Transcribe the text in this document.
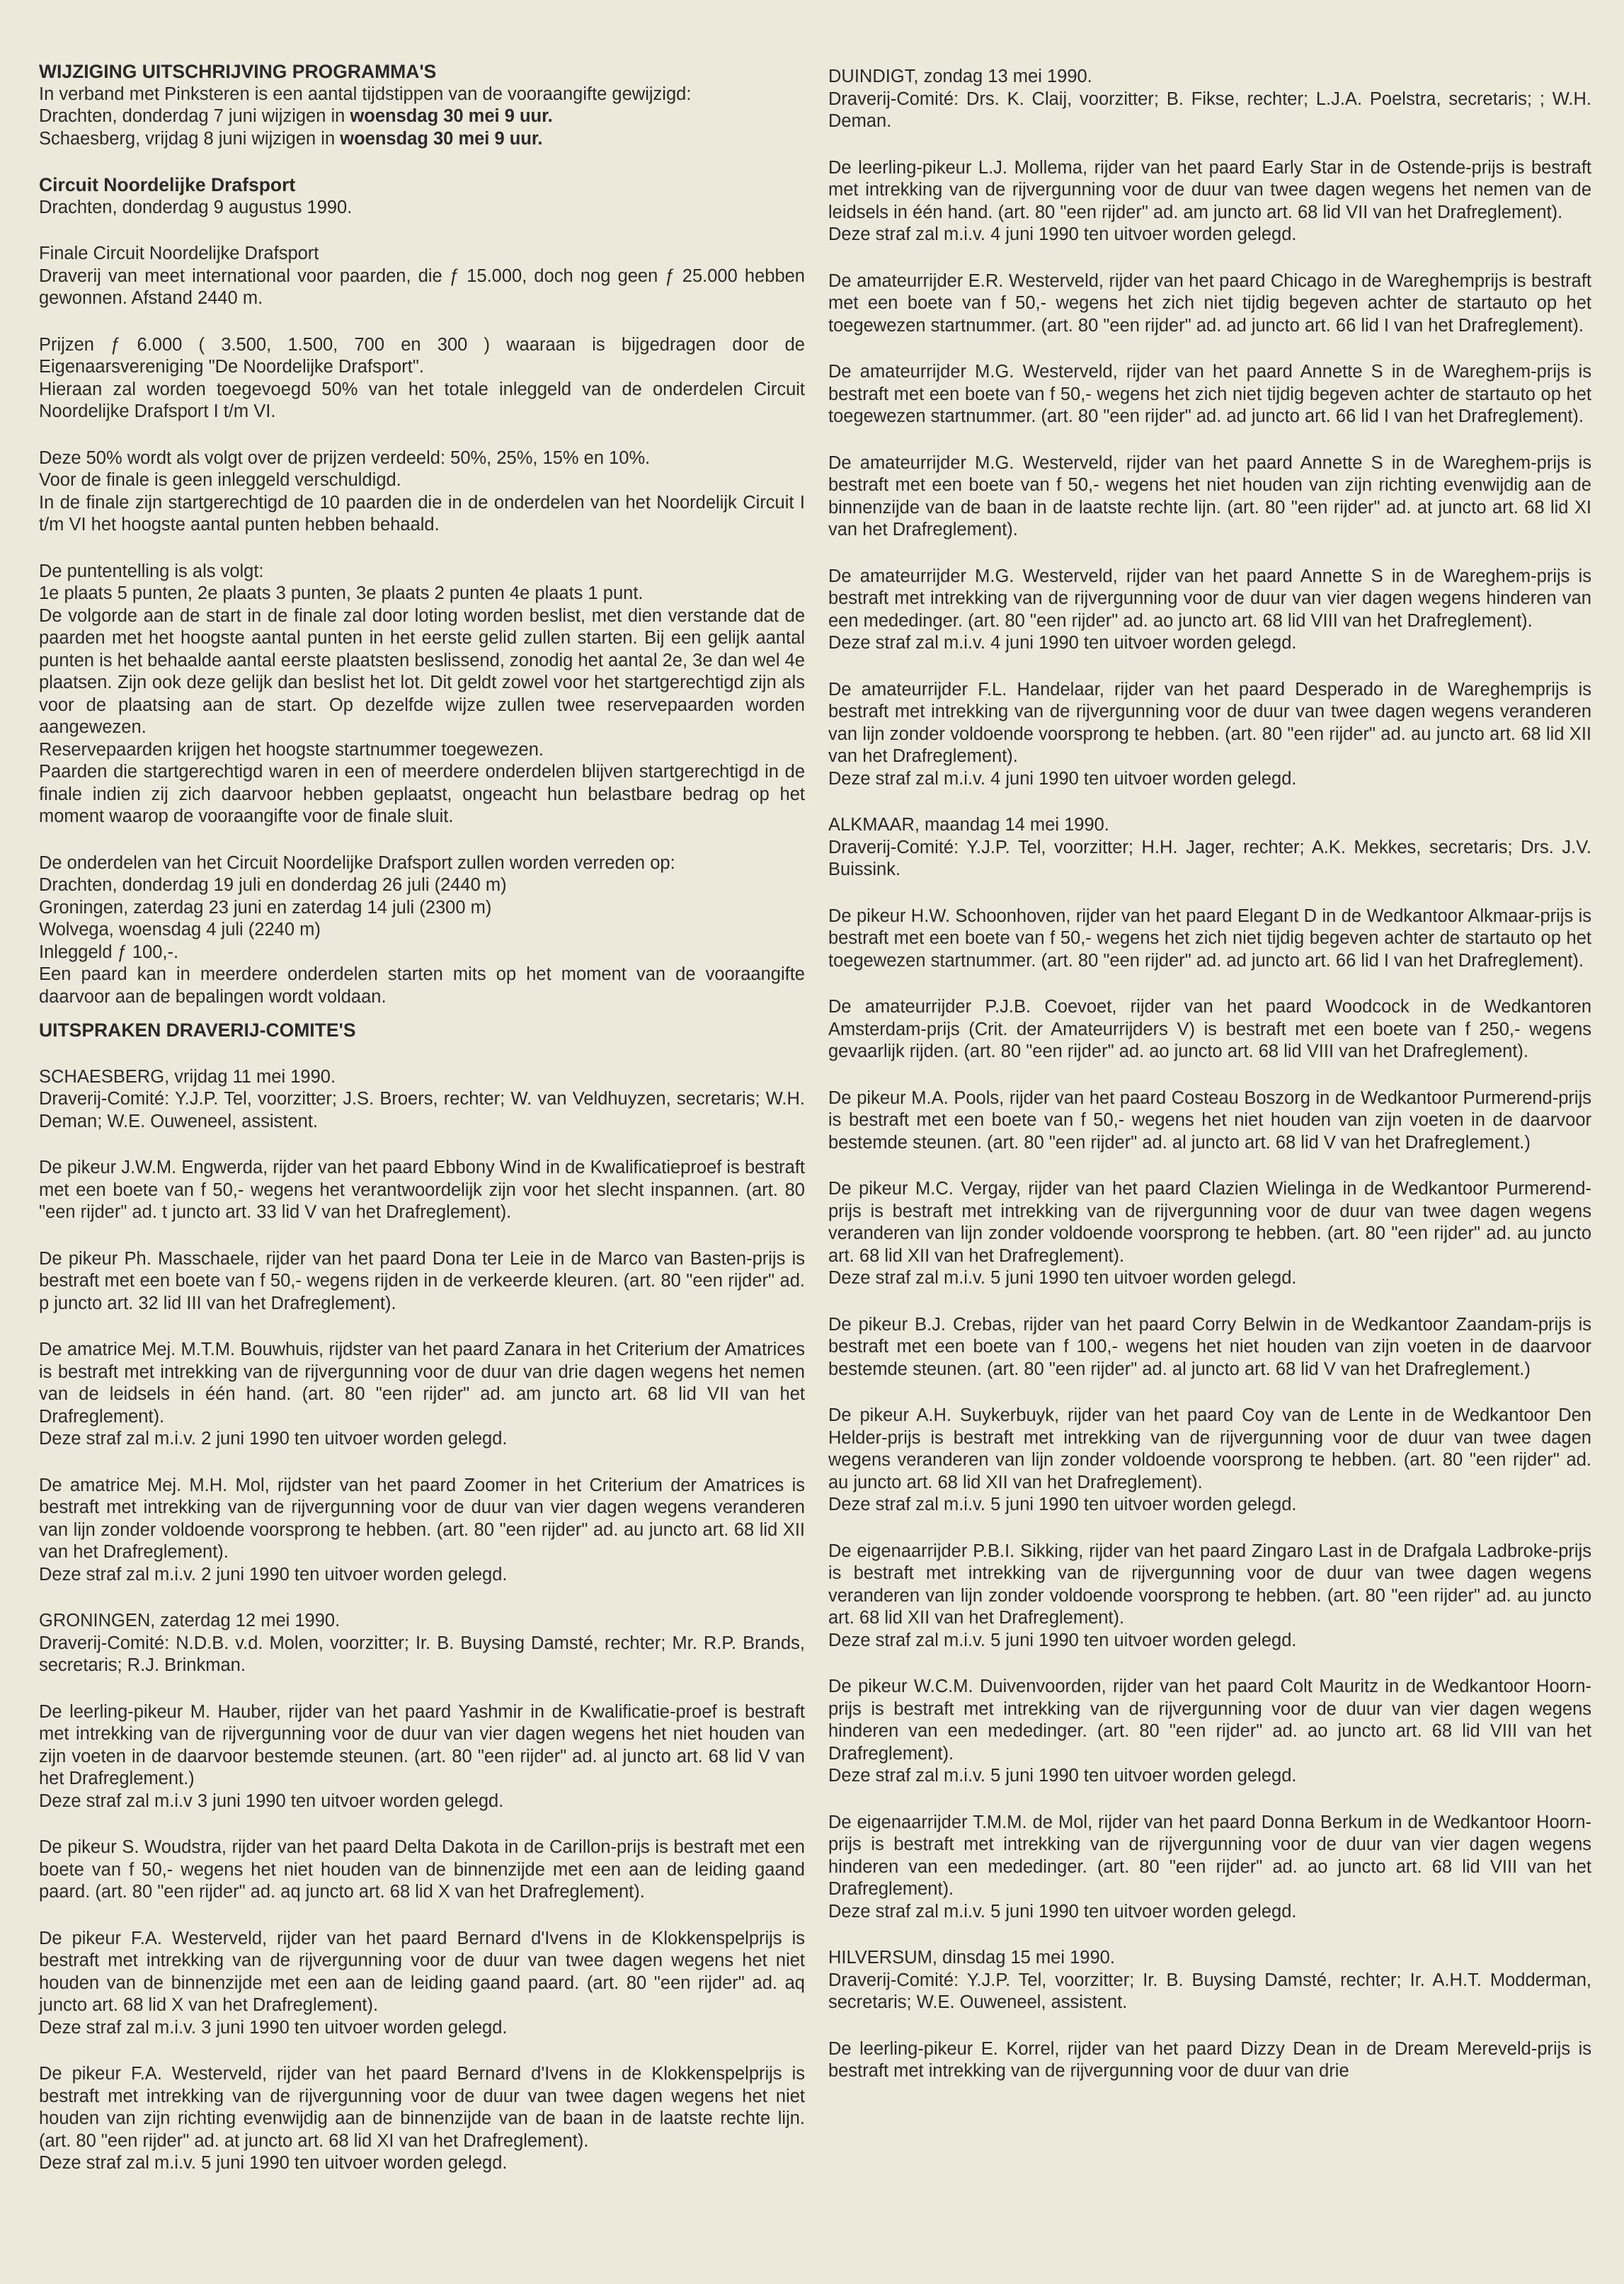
WIJZIGING UITSCHRIJVING PROGRAMMA'S

In verband met Pinksteren is een aantal tijdstippen van de vooraangifte gewijzigd:

Drachten, donderdag 7 juni wijzigen in woensdag 30 mei 9 uur.

Schaesberg, vrijdag 8 juni wijzigen in woensdag 30 mei 9 uur.

Circuit Noordelijke Drafsport

Drachten, donderdag 9 augustus 1990.

Finale Circuit Noordelijke Drafsport
Draverij van meet international voor paarden, die ƒ 15.000, doch nog geen ƒ 25.000 hebben gewonnen. Afstand 2440 m.

Prijzen ƒ 6.000 ( 3.500, 1.500, 700 en 300 ) waaraan is bijgedragen door de Eigenaarsvereniging "De Noordelijke Drafsport".
Hieraan zal worden toegevoegd 50% van het totale inleggeld van de onderdelen Circuit Noordelijke Drafsport I t/m VI.

Deze 50% wordt als volgt over de prijzen verdeeld: 50%, 25%, 15% en 10%.
Voor de finale is geen inleggeld verschuldigd.
In de finale zijn startgerechtigd de 10 paarden die in de onderdelen van het Noordelijk Circuit I t/m VI het hoogste aantal punten hebben behaald.

De puntentelling is als volgt:
1e plaats 5 punten, 2e plaats 3 punten, 3e plaats 2 punten 4e plaats 1 punt.
De volgorde aan de start in de finale zal door loting worden beslist, met dien verstande dat de paarden met het hoogste aantal punten in het eerste gelid zullen starten. Bij een gelijk aantal punten is het behaalde aantal eerste plaatsten beslissend, zonodig het aantal 2e, 3e dan wel 4e plaatsen. Zijn ook deze gelijk dan beslist het lot. Dit geldt zowel voor het startgerechtigd zijn als voor de plaatsing aan de start. Op dezelfde wijze zullen twee reservepaarden worden aangewezen.
Reservepaarden krijgen het hoogste startnummer toegewezen.
Paarden die startgerechtigd waren in een of meerdere onderdelen blijven startgerechtigd in de finale indien zij zich daarvoor hebben geplaatst, ongeacht hun belastbare bedrag op het moment waarop de vooraangifte voor de finale sluit.

De onderdelen van het Circuit Noordelijke Drafsport zullen worden verreden op:
Drachten, donderdag 19 juli en donderdag 26 juli (2440 m)
Groningen, zaterdag 23 juni en zaterdag 14 juli (2300 m)
Wolvega, woensdag 4 juli (2240 m)
Inleggeld ƒ 100,-.
Een paard kan in meerdere onderdelen starten mits op het moment van de vooraangifte daarvoor aan de bepalingen wordt voldaan.

UITSPRAKEN DRAVERIJ-COMITE'S

SCHAESBERG, vrijdag 11 mei 1990.
Draverij-Comité: Y.J.P. Tel, voorzitter; J.S. Broers, rechter; W. van Veldhuyzen, secretaris; W.H. Deman; W.E. Ouweneel, assistent.

De pikeur J.W.M. Engwerda, rijder van het paard Ebbony Wind in de Kwalificatieproef is bestraft met een boete van f 50,- wegens het verantwoordelijk zijn voor het slecht inspannen. (art. 80 "een rijder" ad. t juncto art. 33 lid V van het Drafreglement).

De pikeur Ph. Masschaele, rijder van het paard Dona ter Leie in de Marco van Basten-prijs is bestraft met een boete van f 50,- wegens rijden in de verkeerde kleuren. (art. 80 "een rijder" ad. p juncto art. 32 lid III van het Drafreglement).

De amatrice Mej. M.T.M. Bouwhuis, rijdster van het paard Zanara in het Criterium der Amatrices is bestraft met intrekking van de rijvergunning voor de duur van drie dagen wegens het nemen van de leidsels in één hand. (art. 80 "een rijder" ad. am juncto art. 68 lid VII van het Drafreglement).
Deze straf zal m.i.v. 2 juni 1990 ten uitvoer worden gelegd.

De amatrice Mej. M.H. Mol, rijdster van het paard Zoomer in het Criterium der Amatrices is bestraft met intrekking van de rijvergunning voor de duur van vier dagen wegens veranderen van lijn zonder voldoende voorsprong te hebben. (art. 80 "een rijder" ad. au juncto art. 68 lid XII van het Drafreglement).
Deze straf zal m.i.v. 2 juni 1990 ten uitvoer worden gelegd.

GRONINGEN, zaterdag 12 mei 1990.
Draverij-Comité: N.D.B. v.d. Molen, voorzitter; Ir. B. Buysing Damsté, rechter; Mr. R.P. Brands, secretaris; R.J. Brinkman.

De leerling-pikeur M. Hauber, rijder van het paard Yashmir in de Kwalificatie-proef is bestraft met intrekking van de rijvergunning voor de duur van vier dagen wegens het niet houden van zijn voeten in de daarvoor bestemde steunen. (art. 80 "een rijder" ad. al juncto art. 68 lid V van het Drafreglement.)
Deze straf zal m.i.v 3 juni 1990 ten uitvoer worden gelegd.

De pikeur S. Woudstra, rijder van het paard Delta Dakota in de Carillon-prijs is bestraft met een boete van f 50,- wegens het niet houden van de binnenzijde met een aan de leiding gaand paard. (art. 80 "een rijder" ad. aq juncto art. 68 lid X van het Drafreglement).

De pikeur F.A. Westerveld, rijder van het paard Bernard d'Ivens in de Klokkenspelprijs is bestraft met intrekking van de rijvergunning voor de duur van twee dagen wegens het niet houden van de binnenzijde met een aan de leiding gaand paard. (art. 80 "een rijder" ad. aq juncto art. 68 lid X van het Drafreglement).
Deze straf zal m.i.v. 3 juni 1990 ten uitvoer worden gelegd.

De pikeur F.A. Westerveld, rijder van het paard Bernard d'Ivens in de Klokkenspelprijs is bestraft met intrekking van de rijvergunning voor de duur van twee dagen wegens het niet houden van zijn richting evenwijdig aan de binnenzijde van de baan in de laatste rechte lijn. (art. 80 "een rijder" ad. at juncto art. 68 lid XI van het Drafreglement).
Deze straf zal m.i.v. 5 juni 1990 ten uitvoer worden gelegd.

DUINDIGT, zondag 13 mei 1990.
Draverij-Comité: Drs. K. Claij, voorzitter; B. Fikse, rechter; L.J.A. Poelstra, secretaris; ; W.H. Deman.

De leerling-pikeur L.J. Mollema, rijder van het paard Early Star in de Ostende-prijs is bestraft met intrekking van de rijvergunning voor de duur van twee dagen wegens het nemen van de leidsels in één hand. (art. 80 "een rijder" ad. am juncto art. 68 lid VII van het Drafreglement).
Deze straf zal m.i.v. 4 juni 1990 ten uitvoer worden gelegd.

De amateurrijder E.R. Westerveld, rijder van het paard Chicago in de Wareghemprijs is bestraft met een boete van f 50,- wegens het zich niet tijdig begeven achter de startauto op het toegewezen startnummer. (art. 80 "een rijder" ad. ad juncto art. 66 lid I van het Drafreglement).

De amateurrijder M.G. Westerveld, rijder van het paard Annette S in de Wareghem-prijs is bestraft met een boete van f 50,- wegens het zich niet tijdig begeven achter de startauto op het toegewezen startnummer. (art. 80 "een rijder" ad. ad juncto art. 66 lid I van het Drafreglement).

De amateurrijder M.G. Westerveld, rijder van het paard Annette S in de Wareghem-prijs is bestraft met een boete van f 50,- wegens het niet houden van zijn richting evenwijdig aan de binnenzijde van de baan in de laatste rechte lijn. (art. 80 "een rijder" ad. at juncto art. 68 lid XI van het Drafreglement).

De amateurrijder M.G. Westerveld, rijder van het paard Annette S in de Wareghem-prijs is bestraft met intrekking van de rijvergunning voor de duur van vier dagen wegens hinderen van een mededinger. (art. 80 "een rijder" ad. ao juncto art. 68 lid VIII van het Drafreglement).
Deze straf zal m.i.v. 4 juni 1990 ten uitvoer worden gelegd.

De amateurrijder F.L. Handelaar, rijder van het paard Desperado in de Wareghemprijs is bestraft met intrekking van de rijvergunning voor de duur van twee dagen wegens veranderen van lijn zonder voldoende voorsprong te hebben. (art. 80 "een rijder" ad. au juncto art. 68 lid XII van het Drafreglement).
Deze straf zal m.i.v. 4 juni 1990 ten uitvoer worden gelegd.

ALKMAAR, maandag 14 mei 1990.
Draverij-Comité: Y.J.P. Tel, voorzitter; H.H. Jager, rechter; A.K. Mekkes, secretaris; Drs. J.V. Buissink.

De pikeur H.W. Schoonhoven, rijder van het paard Elegant D in de Wedkantoor Alkmaar-prijs is bestraft met een boete van f 50,- wegens het zich niet tijdig begeven achter de startauto op het toegewezen startnummer. (art. 80 "een rijder" ad. ad juncto art. 66 lid I van het Drafreglement).

De amateurrijder P.J.B. Coevoet, rijder van het paard Woodcock in de Wedkantoren Amsterdam-prijs (Crit. der Amateurrijders V) is bestraft met een boete van f 250,- wegens gevaarlijk rijden. (art. 80 "een rijder" ad. ao juncto art. 68 lid VIII van het Drafreglement).

De pikeur M.A. Pools, rijder van het paard Costeau Boszorg in de Wedkantoor Purmerend-prijs is bestraft met een boete van f 50,- wegens het niet houden van zijn voeten in de daarvoor bestemde steunen. (art. 80 "een rijder" ad. al juncto art. 68 lid V van het Drafreglement.)

De pikeur M.C. Vergay, rijder van het paard Clazien Wielinga in de Wedkantoor Purmerend-prijs is bestraft met intrekking van de rijvergunning voor de duur van twee dagen wegens veranderen van lijn zonder voldoende voorsprong te hebben. (art. 80 "een rijder" ad. au juncto art. 68 lid XII van het Drafreglement).
Deze straf zal m.i.v. 5 juni 1990 ten uitvoer worden gelegd.

De pikeur B.J. Crebas, rijder van het paard Corry Belwin in de Wedkantoor Zaandam-prijs is bestraft met een boete van f 100,- wegens het niet houden van zijn voeten in de daarvoor bestemde steunen. (art. 80 "een rijder" ad. al juncto art. 68 lid V van het Drafreglement.)

De pikeur A.H. Suykerbuyk, rijder van het paard Coy van de Lente in de Wedkantoor Den Helder-prijs is bestraft met intrekking van de rijvergunning voor de duur van twee dagen wegens veranderen van lijn zonder voldoende voorsprong te hebben. (art. 80 "een rijder" ad. au juncto art. 68 lid XII van het Drafreglement).
Deze straf zal m.i.v. 5 juni 1990 ten uitvoer worden gelegd.

De eigenaarrijder P.B.I. Sikking, rijder van het paard Zingaro Last in de Drafgala Ladbroke-prijs is bestraft met intrekking van de rijvergunning voor de duur van twee dagen wegens veranderen van lijn zonder voldoende voorsprong te hebben. (art. 80 "een rijder" ad. au juncto art. 68 lid XII van het Drafreglement).
Deze straf zal m.i.v. 5 juni 1990 ten uitvoer worden gelegd.

De pikeur W.C.M. Duivenvoorden, rijder van het paard Colt Mauritz in de Wedkantoor Hoorn-prijs is bestraft met intrekking van de rijvergunning voor de duur van vier dagen wegens hinderen van een mededinger. (art. 80 "een rijder" ad. ao juncto art. 68 lid VIII van het Drafreglement).
Deze straf zal m.i.v. 5 juni 1990 ten uitvoer worden gelegd.

De eigenaarrijder T.M.M. de Mol, rijder van het paard Donna Berkum in de Wedkantoor Hoorn-prijs is bestraft met intrekking van de rijvergunning voor de duur van vier dagen wegens hinderen van een mededinger. (art. 80 "een rijder" ad. ao juncto art. 68 lid VIII van het Drafreglement).
Deze straf zal m.i.v. 5 juni 1990 ten uitvoer worden gelegd.

HILVERSUM, dinsdag 15 mei 1990.
Draverij-Comité: Y.J.P. Tel, voorzitter; Ir. B. Buysing Damsté, rechter; Ir. A.H.T. Modderman, secretaris; W.E. Ouweneel, assistent.

De leerling-pikeur E. Korrel, rijder van het paard Dizzy Dean in de Dream Mereveld-prijs is bestraft met intrekking van de rijvergunning voor de duur van drie
